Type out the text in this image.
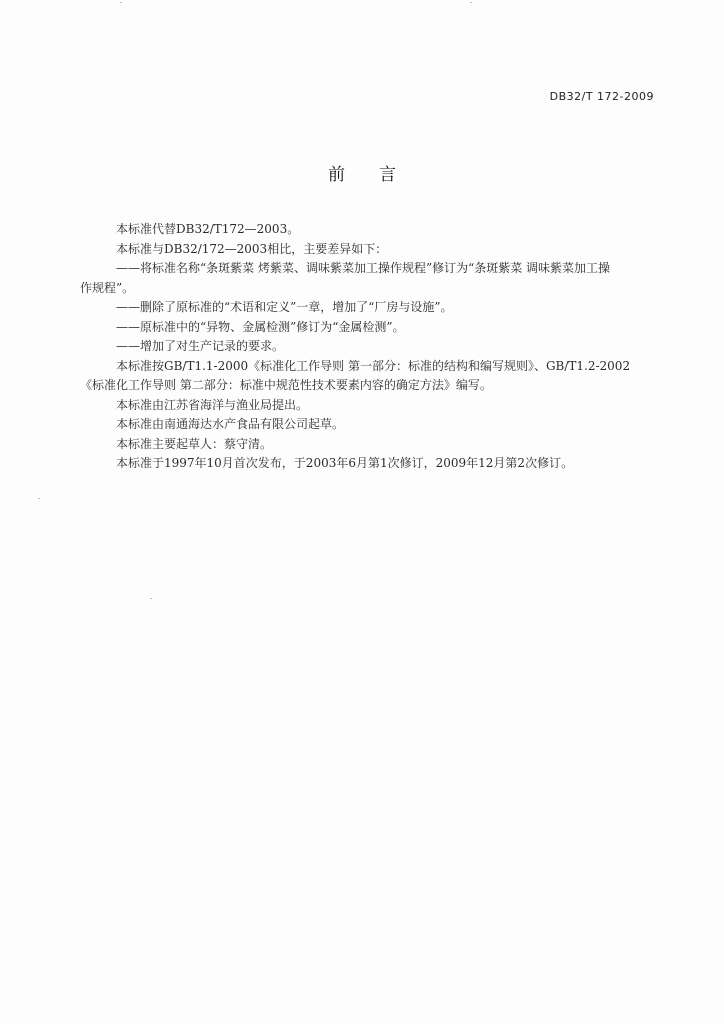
DB32/T 172-2009
前 言
本标准代替DB32/T172—2003。
本标准与DB32/172—2003相比，主要差异如下：
——将标准名称“条斑紫菜 烤紫菜、调味紫菜加工操作规程”修订为“条斑紫菜 调味紫菜加工操
作规程”。
——删除了原标准的“术语和定义”一章，增加了“厂房与设施”。
——原标准中的“异物、金属检测”修订为“金属检测”。
——增加了对生产记录的要求。
本标准按GB/T1.1-2000《标准化工作导则 第一部分：标准的结构和编写规则》、GB/T1.2-2002
《标准化工作导则 第二部分：标准中规范性技术要素内容的确定方法》编写。
本标准由江苏省海洋与渔业局提出。
本标准由南通海达水产食品有限公司起草。
本标准主要起草人：蔡守清。
本标准于1997年10月首次发布，于2003年6月第1次修订，2009年12月第2次修订。
